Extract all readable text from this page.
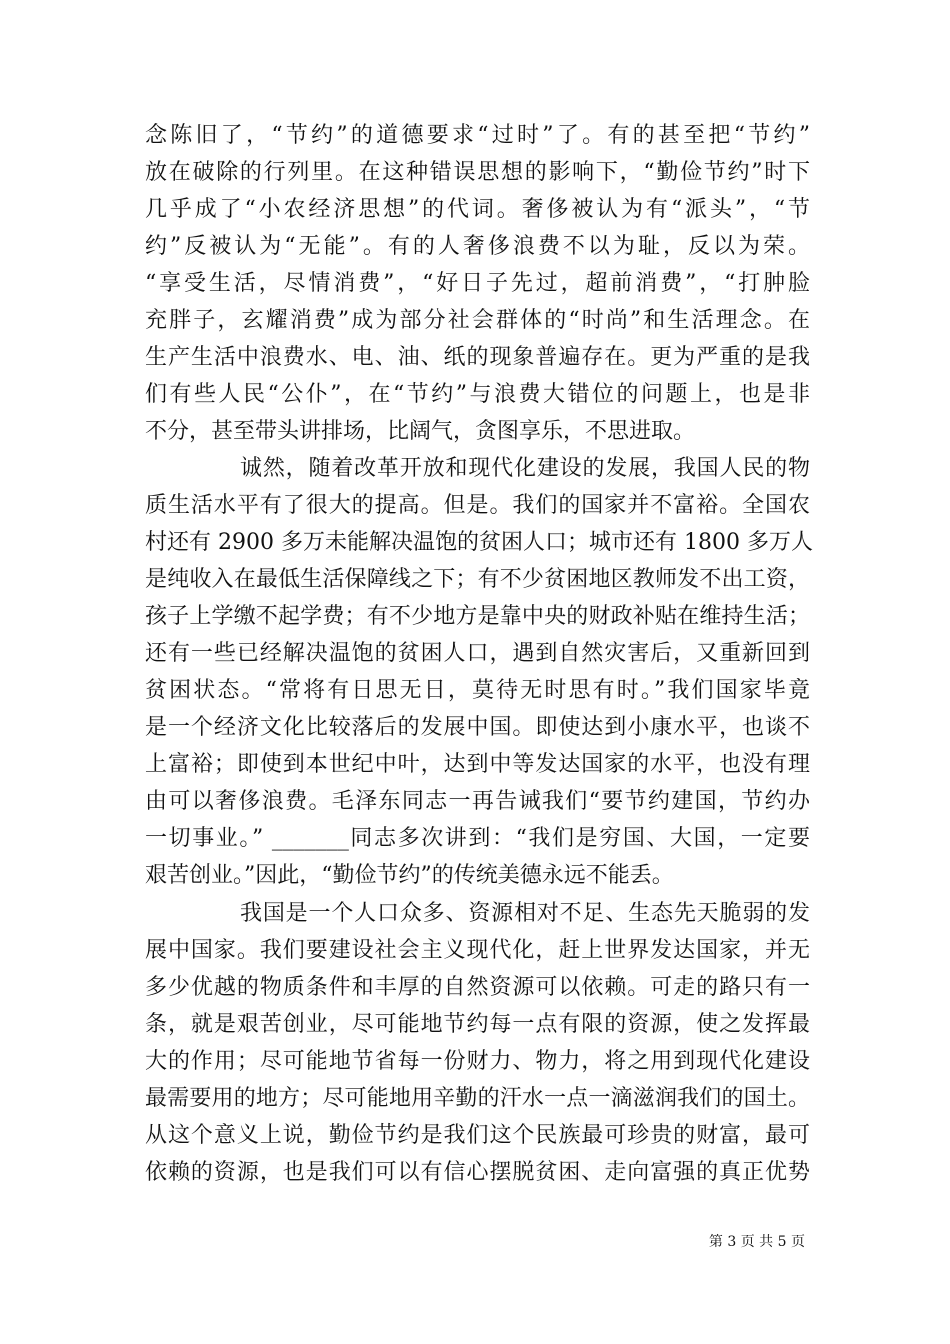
念陈旧了，“节约”的道德要求“过时”了。有的甚至把“节约”
放在破除的行列里。在这种错误思想的影响下，“勤俭节约”时下
几乎成了“小农经济思想”的代词。奢侈被认为有“派头”，“节
约”反被认为“无能”。有的人奢侈浪费不以为耻，反以为荣。
“享受生活，尽情消费”，“好日子先过，超前消费”，“打肿脸
充胖子，玄耀消费”成为部分社会群体的“时尚”和生活理念。在
生产生活中浪费水、电、油、纸的现象普遍存在。更为严重的是我
们有些人民“公仆”，在“节约”与浪费大错位的问题上，也是非
不分，甚至带头讲排场，比阔气，贪图享乐，不思进取。
诚然，随着改革开放和现代化建设的发展，我国人民的物
质生活水平有了很大的提高。但是。我们的国家并不富裕。全国农
村还有 2900 多万未能解决温饱的贫困人口；城市还有 1800 多万人
是纯收入在最低生活保障线之下；有不少贫困地区教师发不出工资，
孩子上学缴不起学费；有不少地方是靠中央的财政补贴在维持生活；
还有一些已经解决温饱的贫困人口，遇到自然灾害后，又重新回到
贫困状态。“常将有日思无日，莫待无时思有时。”我们国家毕竟
是一个经济文化比较落后的发展中国。即使达到小康水平，也谈不
上富裕；即使到本世纪中叶，达到中等发达国家的水平，也没有理
由可以奢侈浪费。毛泽东同志一再告诫我们“要节约建国，节约办
一切事业。” _______同志多次讲到：“我们是穷国、大国，一定要
艰苦创业。”因此，“勤俭节约”的传统美德永远不能丢。
我国是一个人口众多、资源相对不足、生态先天脆弱的发
展中国家。我们要建设社会主义现代化，赶上世界发达国家，并无
多少优越的物质条件和丰厚的自然资源可以依赖。可走的路只有一
条，就是艰苦创业，尽可能地节约每一点有限的资源，使之发挥最
大的作用；尽可能地节省每一份财力、物力，将之用到现代化建设
最需要用的地方；尽可能地用辛勤的汗水一点一滴滋润我们的国土。
从这个意义上说，勤俭节约是我们这个民族最可珍贵的财富，最可
依赖的资源，也是我们可以有信心摆脱贫困、走向富强的真正优势
第 3 页 共 5 页
